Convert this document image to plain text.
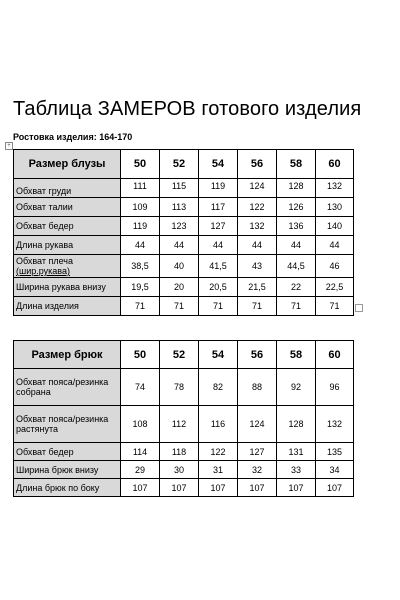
Таблица ЗАМЕРОВ готового изделия
Ростовка изделия: 164-170
+
Размер блузы	50	52	54	56	58	60
Обхват груди	111	115	119	124	128	132
Обхват талии	109	113	117	122	126	130
Обхват бедер	119	123	127	132	136	140
Длина рукава	44	44	44	44	44	44
Обхват плеча
(шир.рукава)	38,5	40	41,5	43	44,5	46
Ширина рукава внизу	19,5	20	20,5	21,5	22	22,5
Длина изделия	71	71	71	71	71	71
Размер брюк	50	52	54	56	58	60
Обхват пояса/резинка собрана	74	78	82	88	92	96
Обхват пояса/резинка растянута	108	112	116	124	128	132
Обхват бедер	114	118	122	127	131	135
Ширина брюк внизу	29	30	31	32	33	34
Длина брюк по боку	107	107	107	107	107	107
